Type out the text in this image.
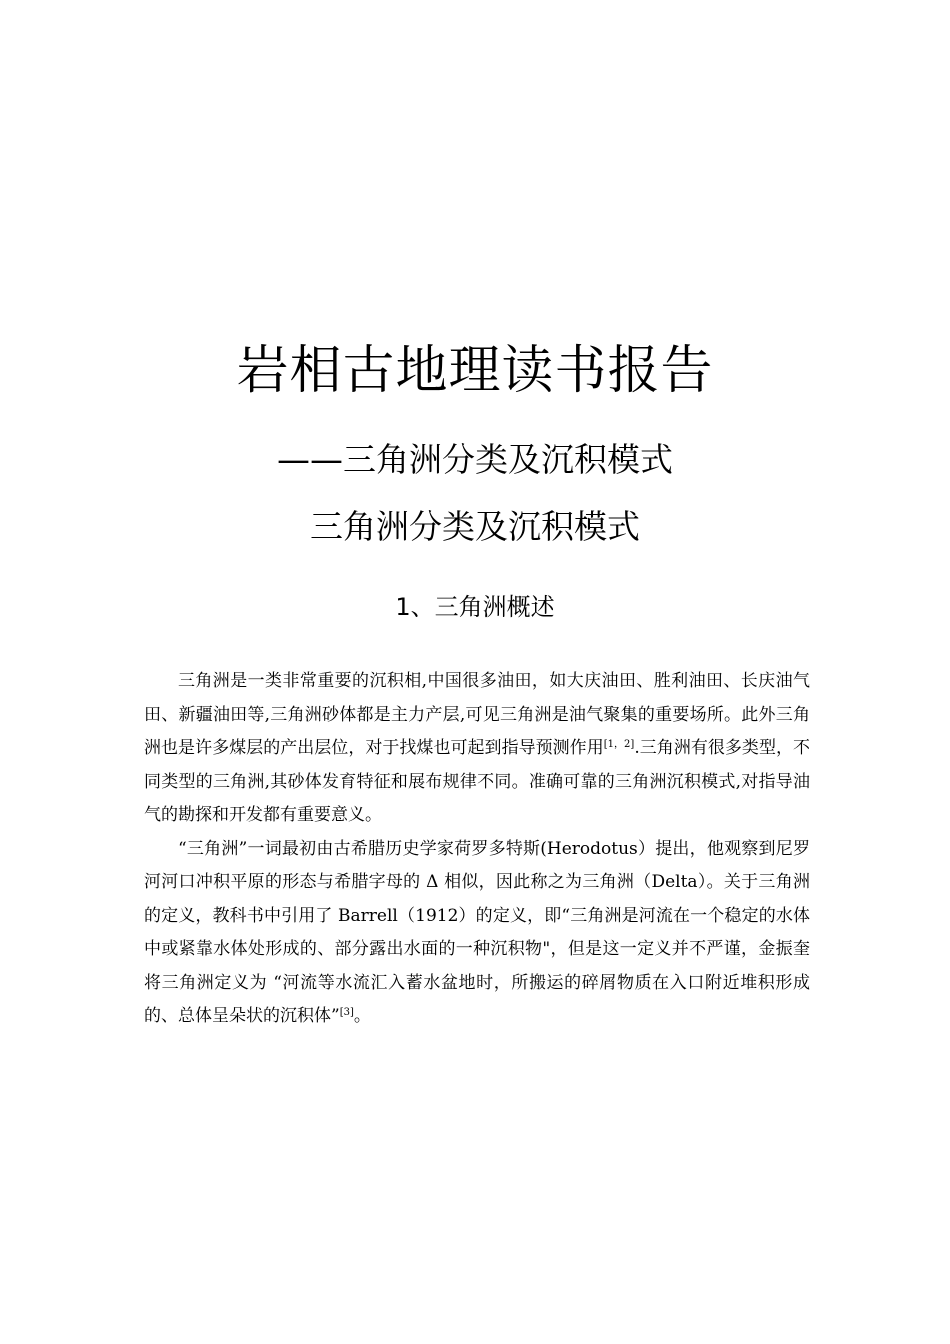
岩相古地理读书报告
——三角洲分类及沉积模式
三角洲分类及沉积模式
1、三角洲概述

三角洲是一类非常重要的沉积相,中国很多油田，如大庆油田、胜利油田、长庆油气田、新疆油田等,三角洲砂体都是主力产层,可见三角洲是油气聚集的重要场所。此外三角洲也是许多煤层的产出层位，对于找煤也可起到指导预测作用[1，2].三角洲有很多类型，不同类型的三角洲,其砂体发育特征和展布规律不同。准确可靠的三角洲沉积模式,对指导油气的勘探和开发都有重要意义。

“三角洲”一词最初由古希腊历史学家荷罗多特斯(Herodotus）提出，他观察到尼罗河河口冲积平原的形态与希腊字母的 Δ 相似，因此称之为三角洲（Delta）。关于三角洲的定义，教科书中引用了 Barrell（1912）的定义，即“三角洲是河流在一个稳定的水体中或紧靠水体处形成的、部分露出水面的一种沉积物"，但是这一定义并不严谨，金振奎将三角洲定义为 “河流等水流汇入蓄水盆地时，所搬运的碎屑物质在入口附近堆积形成的、总体呈朵状的沉积体”[3]。
